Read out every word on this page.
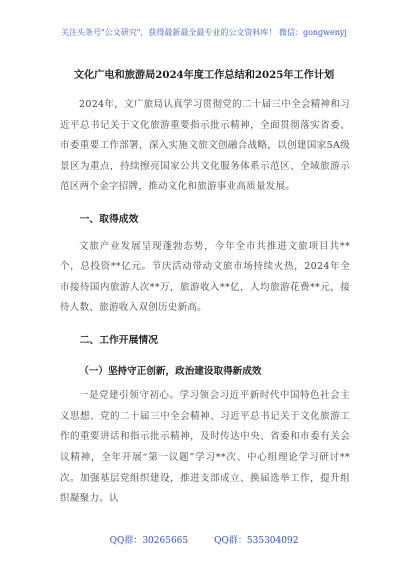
关注头条号"公文研究"，获得最新最全最专业的公文资料库！ 微信：gongwenyj
文化广电和旅游局2024年度工作总结和2025年工作计划

2024年，文广旅局认真学习贯彻党的二十届三中全会精神和习近平总书记关于文化旅游重要指示批示精神，全面贯彻落实省委、市委重要工作部署，深入实施文旅文创融合战略，以创建国家5A级景区为重点，持续擦亮国家公共文化服务体系示范区、全域旅游示范区两个金字招牌，推动文化和旅游事业高质量发展。

一、取得成效

文旅产业发展呈现蓬勃态势，今年全市共推进文旅项目共**个，总投资**亿元。节庆活动带动文旅市场持续火热，2024年全市接待国内旅游人次**万，旅游收入**亿，人均旅游花费**元，接待人数、旅游收入双创历史新高。

二、工作开展情况

（一）坚持守正创新，政治建设取得新成效

一是党建引领守初心。学习领会习近平新时代中国特色社会主义思想、党的二十届三中全会精神、习近平总书记关于文化旅游工作的重要讲话和指示批示精神，及时传达中央、省委和市委有关会议精神，全年开展“第一议题”学习**次、中心组理论学习研讨**次。加强基层党组织建设，推进支部成立、换届选举工作，提升组织凝聚力。认

QQ群：30265665	QQ群：535304092
